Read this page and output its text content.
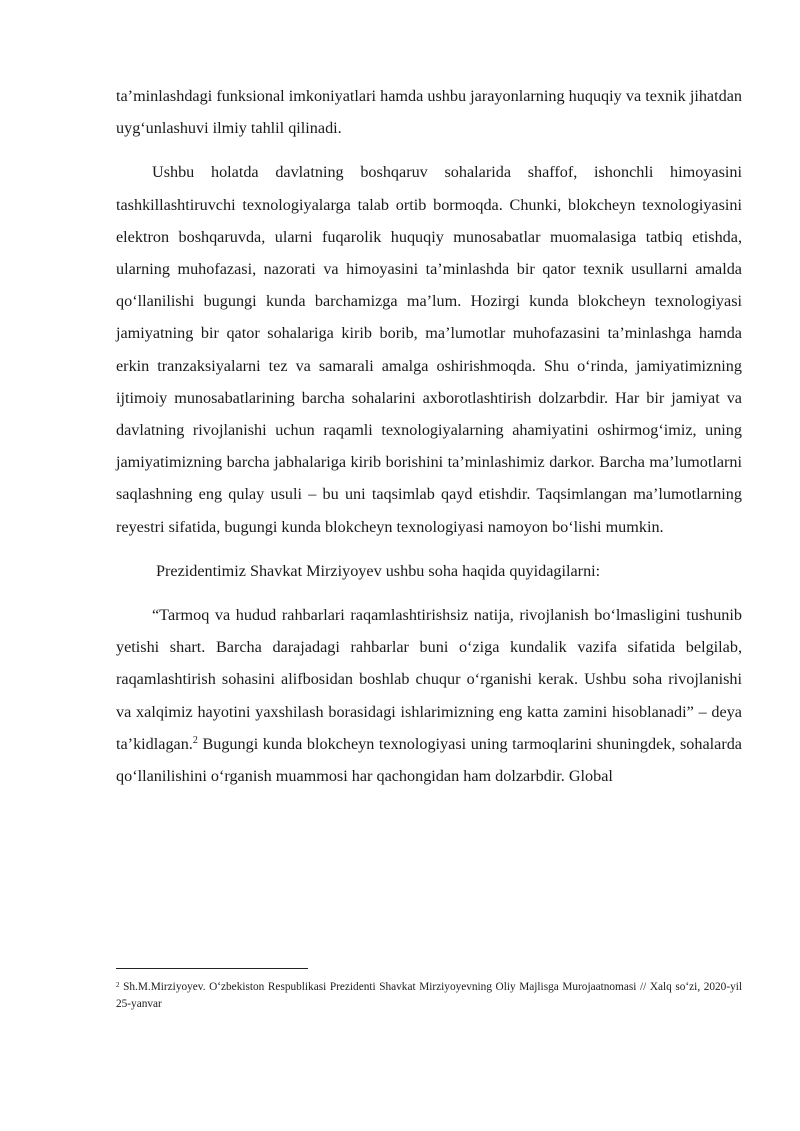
ta’minlashdagi funksional imkoniyatlari hamda ushbu jarayonlarning huquqiy va texnik jihatdan uyg‘unlashuvi ilmiy tahlil qilinadi.

Ushbu holatda davlatning boshqaruv sohalarida shaffof, ishonchli himoyasini tashkillashtiruvchi texnologiyalarga talab ortib bormoqda. Chunki, blokcheyn texnologiyasini elektron boshqaruvda, ularni fuqarolik huquqiy munosabatlar muomalasiga tatbiq etishda, ularning muhofazasi, nazorati va himoyasini ta’minlashda bir qator texnik usullarni amalda qo‘llanilishi bugungi kunda barchamizga ma’lum. Hozirgi kunda blokcheyn texnologiyasi jamiyatning bir qator sohalariga kirib borib, ma’lumotlar muhofazasini ta’minlashga hamda erkin tranzaksiyalarni tez va samarali amalga oshirishmoqda. Shu o‘rinda, jamiyatimizning ijtimoiy munosabatlarining barcha sohalarini axborotlashtirish dolzarbdir. Har bir jamiyat va davlatning rivojlanishi uchun raqamli texnologiyalarning ahamiyatini oshirmog‘imiz, uning jamiyatimizning barcha jabhalariga kirib borishini ta’minlashimiz darkor. Barcha ma’lumotlarni saqlashning eng qulay usuli – bu uni taqsimlab qayd etishdir. Taqsimlangan ma’lumotlarning reyestri sifatida, bugungi kunda blokcheyn texnologiyasi namoyon bo‘lishi mumkin.

Prezidentimiz Shavkat Mirziyoyev ushbu soha haqida quyidagilarni:

“Tarmoq va hudud rahbarlari raqamlashtirishsiz natija, rivojlanish bo‘lmasligini tushunib yetishi shart. Barcha darajadagi rahbarlar buni o‘ziga kundalik vazifa sifatida belgilab, raqamlashtirish sohasini alifbosidan boshlab chuqur o‘rganishi kerak. Ushbu soha rivojlanishi va xalqimiz hayotini yaxshilash borasidagi ishlarimizning eng katta zamini hisoblanadi” – deya ta’kidlagan.$^2$ Bugungi kunda blokcheyn texnologiyasi uning tarmoqlarini shuningdek, sohalarda qo‘llanilishini o‘rganish muammosi har qachongidan ham dolzarbdir. Global

$^2$ Sh.M.Mirziyoyev. O‘zbekiston Respublikasi Prezidenti Shavkat Mirziyoyevning Oliy Majlisga Murojaatnomasi // Xalq so‘zi, 2020-yil 25-yanvar
